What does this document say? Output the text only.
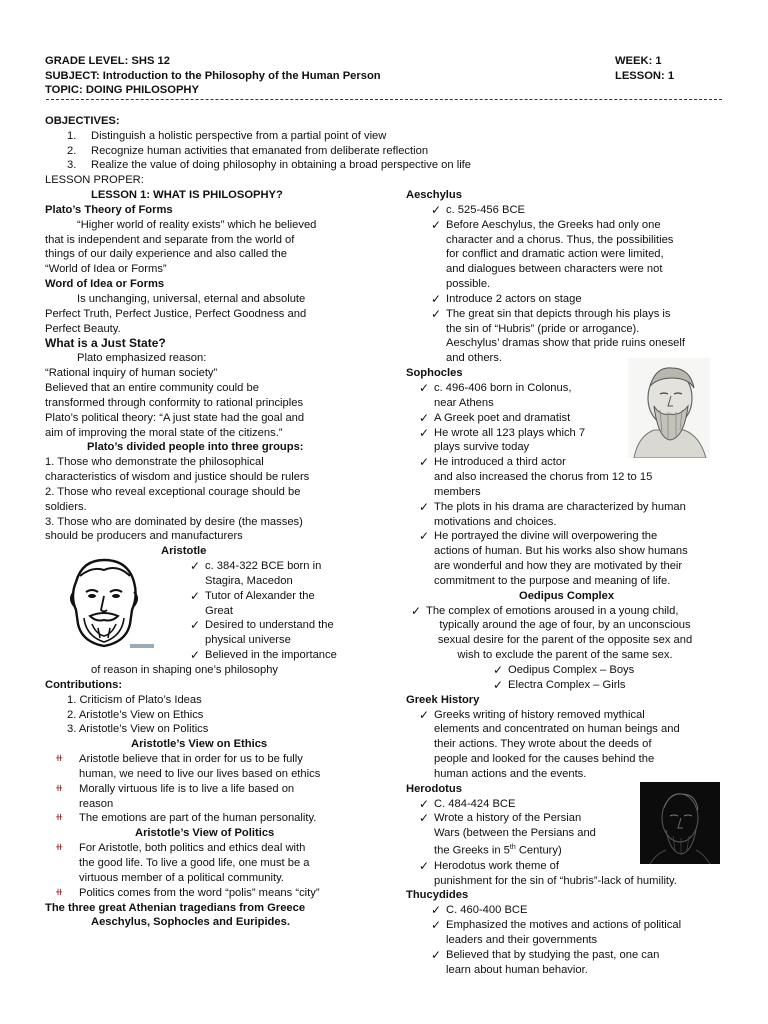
GRADE LEVEL: SHS 12	WEEK: 1
SUBJECT: Introduction to the Philosophy of the Human Person	LESSON: 1
TOPIC: DOING PHILOSOPHY
OBJECTIVES:
1.	Distinguish a holistic perspective from a partial point of view
2.	Recognize human activities that emanated from deliberate reflection
3.	Realize the value of doing philosophy in obtaining a broad perspective on life
LESSON PROPER:
LESSON 1: WHAT IS PHILOSOPHY?
Plato’s Theory of Forms
“Higher world of reality exists” which he believed
that is independent and separate from the world of
things of our daily experience and also called the
“World of Idea or Forms”
Word of Idea or Forms
Is unchanging, universal, eternal and absolute
Perfect Truth, Perfect Justice, Perfect Goodness and
Perfect Beauty.
What is a Just State?
Plato emphasized reason:
“Rational inquiry of human society”
Believed that an entire community could be
transformed through conformity to rational principles
Plato’s political theory: “A just state had the goal and
aim of improving the moral state of the citizens.”
Plato’s divided people into three groups:
1. Those who demonstrate the philosophical
characteristics of wisdom and justice should be rulers
2. Those who reveal exceptional courage should be
soldiers.
3. Those who are dominated by desire (the masses)
should be producers and manufacturers
Aristotle
✓ c. 384-322 BCE born in
Stagira, Macedon
✓ Tutor of Alexander the
Great
✓ Desired to understand the
physical universe
✓ Believed in the importance
of reason in shaping one’s philosophy
Contributions:
1. Criticism of Plato’s Ideas
2. Aristotle’s View on Ethics
3. Aristotle’s View on Politics
Aristotle’s View on Ethics
⧺	Aristotle believe that in order for us to be fully
human, we need to live our lives based on ethics
⧺	Morally virtuous life is to live a life based on
reason
⧺	The emotions are part of the human personality.
Aristotle’s View of Politics
⧺	For Aristotle, both politics and ethics deal with
the good life. To live a good life, one must be a
virtuous member of a political community.
⧺	Politics comes from the word “polis” means “city”
The three great Athenian tragedians from Greece
Aeschylus, Sophocles and Euripides.
Aeschylus
✓ c. 525-456 BCE
✓ Before Aeschylus, the Greeks had only one
character and a chorus. Thus, the possibilities
for conflict and dramatic action were limited,
and dialogues between characters were not
possible.
✓ Introduce 2 actors on stage
✓ The great sin that depicts through his plays is
the sin of “Hubris” (pride or arrogance).
Aeschylus’ dramas show that pride ruins oneself
and others.
Sophocles
✓ c. 496-406 born in Colonus,
near Athens
✓ A Greek poet and dramatist
✓ He wrote all 123 plays which 7
plays survive today
✓ He introduced a third actor
and also increased the chorus from 12 to 15
members
✓ The plots in his drama are characterized by human
motivations and choices.
✓ He portrayed the divine will overpowering the
actions of human. But his works also show humans
are wonderful and how they are motivated by their
commitment to the purpose and meaning of life.
Oedipus Complex
✓ The complex of emotions aroused in a young child,
typically around the age of four, by an unconscious
sexual desire for the parent of the opposite sex and
wish to exclude the parent of the same sex.
✓ Oedipus Complex – Boys
✓ Electra Complex – Girls
Greek History
✓ Greeks writing of history removed mythical
elements and concentrated on human beings and
their actions. They wrote about the deeds of
people and looked for the causes behind the
human actions and the events.
Herodotus
✓ C. 484-424 BCE
✓ Wrote a history of the Persian
Wars (between the Persians and
the Greeks in 5th Century)
✓ Herodotus work theme of
punishment for the sin of “hubris”-lack of humility.
Thucydides
✓ C. 460-400 BCE
✓ Emphasized the motives and actions of political
leaders and their governments
✓ Believed that by studying the past, one can
learn about human behavior.
